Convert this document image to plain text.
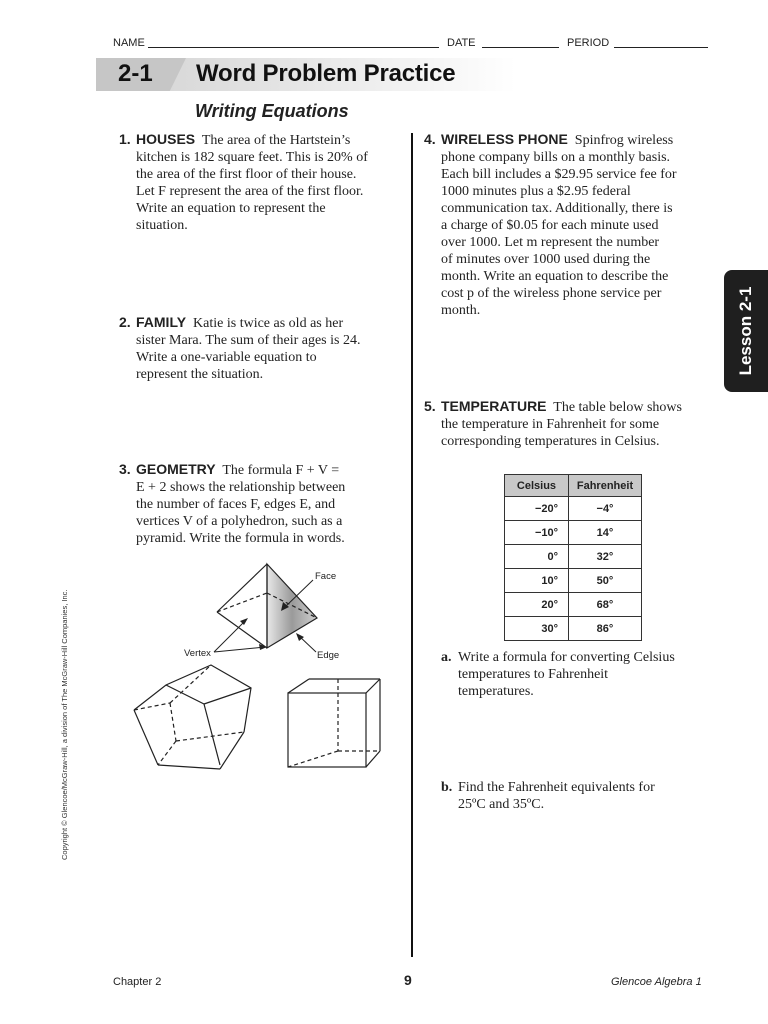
NAME	DATE	PERIOD
2-1 Word Problem Practice
Writing Equations
1. HOUSES The area of the Hartstein’s

kitchen is 182 square feet. This is 20% of

the area of the first floor of their house.

Let F represent the area of the first floor.

Write an equation to represent the

situation.

2. FAMILY Katie is twice as old as her

sister Mara. The sum of their ages is 24.

Write a one-variable equation to

represent the situation.

3. GEOMETRY The formula F + V =

E + 2 shows the relationship between

the number of faces F, edges E, and

vertices V of a polyhedron, such as a

pyramid. Write the formula in words.

Face
Vertex	Edge
4. WIRELESS PHONE Spinfrog wireless

phone company bills on a monthly basis.

Each bill includes a $29.95 service fee for

1000 minutes plus a $2.95 federal

communication tax. Additionally, there is

a charge of $0.05 for each minute used

over 1000. Let m represent the number

of minutes over 1000 used during the

month. Write an equation to describe the

cost p of the wireless phone service per

month.

5. TEMPERATURE The table below shows

the temperature in Fahrenheit for some

corresponding temperatures in Celsius.

Celsius	Fahrenheit
−20°	−4°
−10°	14°
0°	32°
10°	50°
20°	68°
30°	86°
a. Write a formula for converting Celsius

temperatures to Fahrenheit

temperatures.

b. Find the Fahrenheit equivalents for

25ºC and 35ºC.

Lesson 2-1
Copyright © Glencoe/McGraw-Hill, a division of The McGraw-Hill Companies, Inc.
Chapter 2	9	Glencoe Algebra 1
